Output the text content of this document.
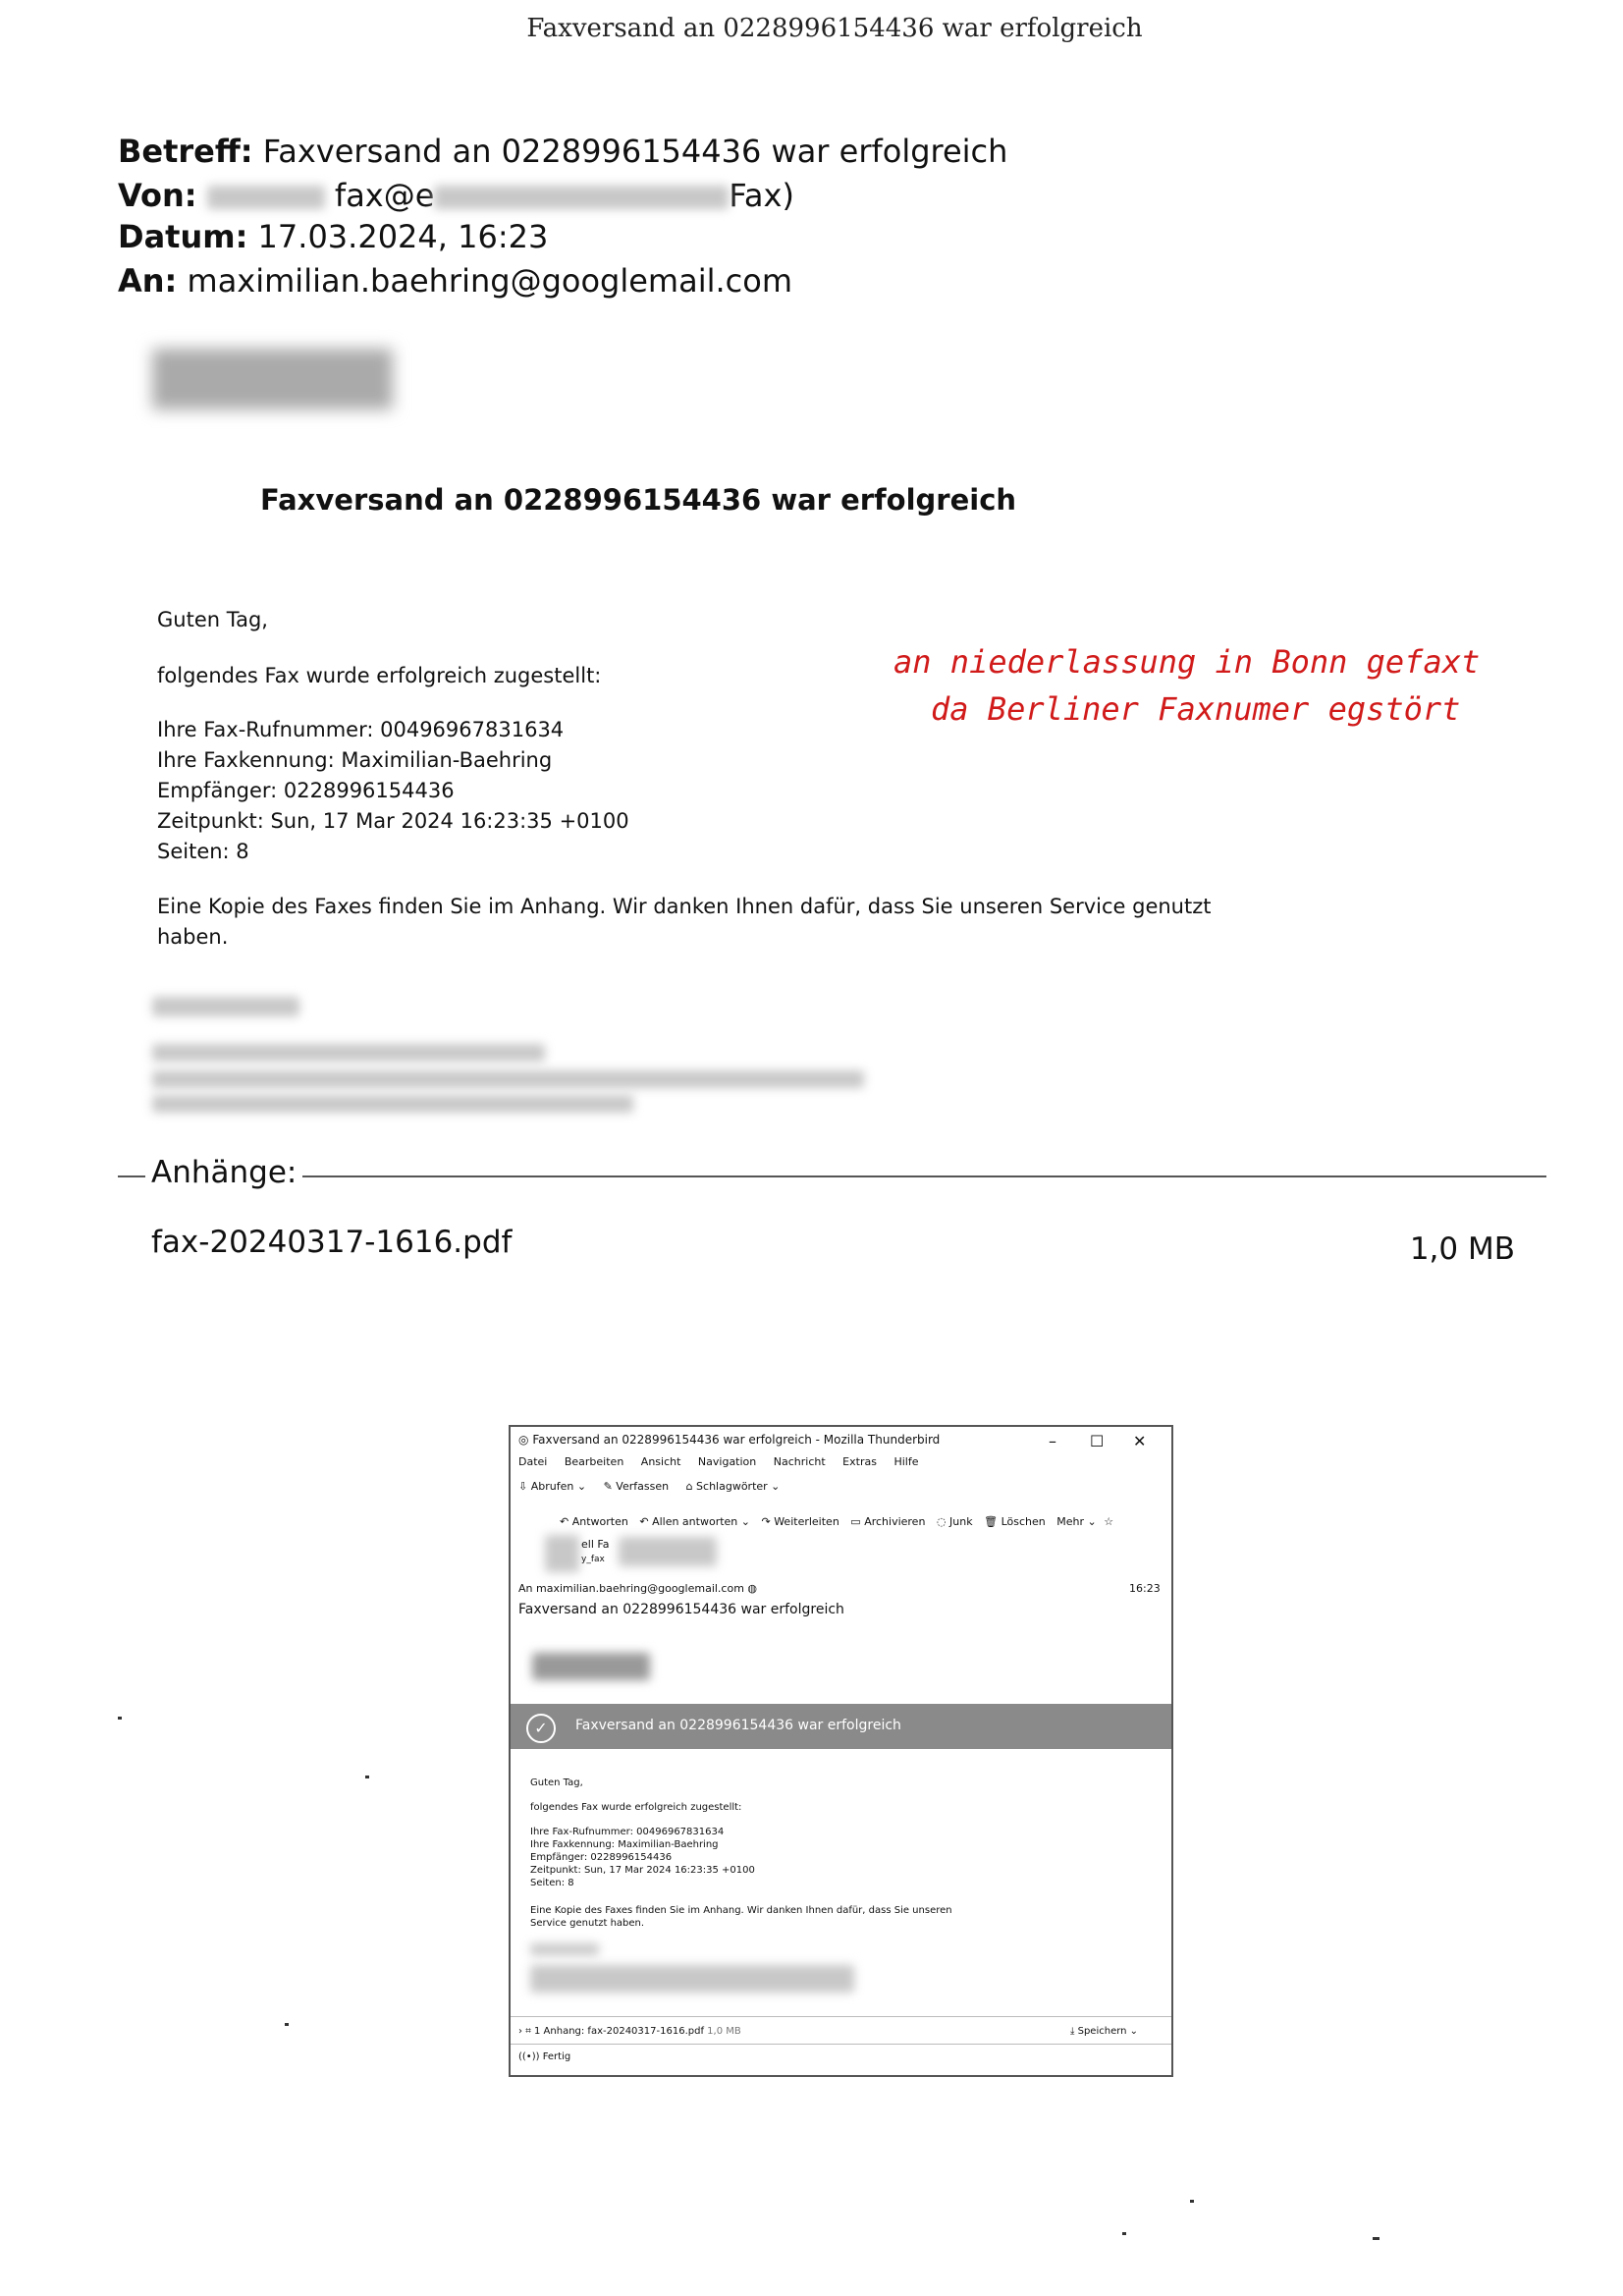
Faxversand an 0228996154436 war erfolgreich
Betreff: Faxversand an 0228996154436 war erfolgreich
Von:	fax@e	Fax)
Datum: 17.03.2024, 16:23
An: maximilian.baehring@googlemail.com
Faxversand an 0228996154436 war erfolgreich
Guten Tag,
folgendes Fax wurde erfolgreich zugestellt:
Ihre Fax-Rufnummer: 00496967831634
Ihre Faxkennung: Maximilian-Baehring
Empfänger: 0228996154436
Zeitpunkt: Sun, 17 Mar 2024 16:23:35 +0100
Seiten: 8
Eine Kopie des Faxes finden Sie im Anhang. Wir danken Ihnen dafür, dass Sie unseren Service genutzt
haben.
an niederlassung in Bonn gefaxt
da Berliner Faxnumer egstört
Anhänge:
fax-20240317-1616.pdf	1,0 MB
◎ Faxversand an 0228996154436 war erfolgreich - Mozilla Thunderbird	– ☐ ✕
Datei Bearbeiten Ansicht Navigation Nachricht Extras Hilfe
⇩ Abrufen ⌄ ✎ Verfassen ⌂ Schlagwörter ⌄
↶ Antworten ↶ Allen antworten ⌄ ↷ Weiterleiten ▭ Archivieren ◌ Junk 🗑 Löschen Mehr ⌄ ☆
ell Fa
y_fax
An maximilian.baehring@googlemail.com ◍	16:23
Faxversand an 0228996154436 war erfolgreich
✓	Faxversand an 0228996154436 war erfolgreich
Guten Tag,
folgendes Fax wurde erfolgreich zugestellt:
Ihre Fax-Rufnummer: 00496967831634
Ihre Faxkennung: Maximilian-Baehring
Empfänger: 0228996154436
Zeitpunkt: Sun, 17 Mar 2024 16:23:35 +0100
Seiten: 8
Eine Kopie des Faxes finden Sie im Anhang. Wir danken Ihnen dafür, dass Sie unseren
Service genutzt haben.
› ⌗ 1 Anhang: fax-20240317-1616.pdf 1,0 MB	⤓ Speichern ⌄
((•)) Fertig
